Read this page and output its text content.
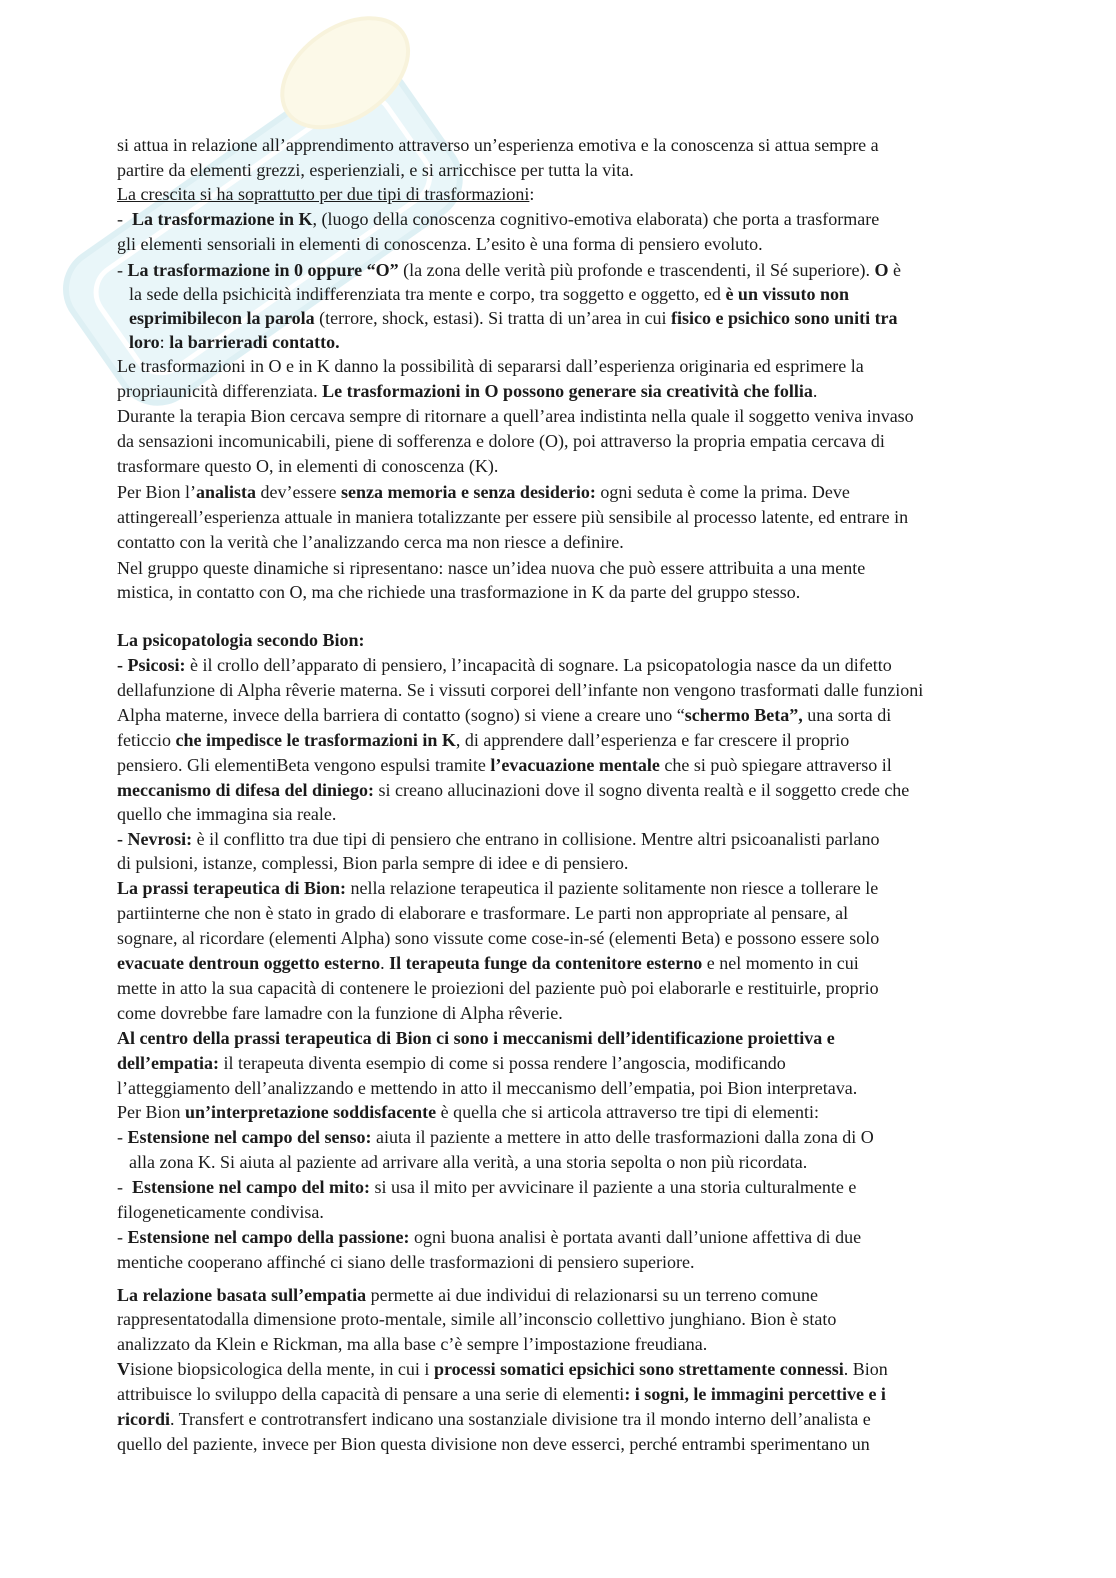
si attua in relazione all’apprendimento attraverso un’esperienza emotiva e la conoscenza si attua sempre a
partire da elementi grezzi, esperienziali, e si arricchisce per tutta la vita.
La crescita si ha soprattutto per due tipi di trasformazioni:
-  La trasformazione in K, (luogo della conoscenza cognitivo-emotiva elaborata) che porta a trasformare
gli elementi sensoriali in elementi di conoscenza. L’esito è una forma di pensiero evoluto.
- La trasformazione in 0 oppure “O” (la zona delle verità più profonde e trascendenti, il Sé superiore). O è
la sede della psichicità indifferenziata tra mente e corpo, tra soggetto e oggetto, ed è un vissuto non
esprimibilecon la parola (terrore, shock, estasi). Si tratta di un’area in cui fisico e psichico sono uniti tra
loro: la barrieradi contatto.
Le trasformazioni in O e in K danno la possibilità di separarsi dall’esperienza originaria ed esprimere la
propriaunicità differenziata. Le trasformazioni in O possono generare sia creatività che follia.
Durante la terapia Bion cercava sempre di ritornare a quell’area indistinta nella quale il soggetto veniva invaso
da sensazioni incomunicabili, piene di sofferenza e dolore (O), poi attraverso la propria empatia cercava di
trasformare questo O, in elementi di conoscenza (K).
Per Bion l’analista dev’essere senza memoria e senza desiderio: ogni seduta è come la prima. Deve
attingereall’esperienza attuale in maniera totalizzante per essere più sensibile al processo latente, ed entrare in
contatto con la verità che l’analizzando cerca ma non riesce a definire.
Nel gruppo queste dinamiche si ripresentano: nasce un’idea nuova che può essere attribuita a una mente
mistica, in contatto con O, ma che richiede una trasformazione in K da parte del gruppo stesso.
La psicopatologia secondo Bion:
- Psicosi: è il crollo dell’apparato di pensiero, l’incapacità di sognare. La psicopatologia nasce da un difetto
dellafunzione di Alpha rêverie materna. Se i vissuti corporei dell’infante non vengono trasformati dalle funzioni
Alpha materne, invece della barriera di contatto (sogno) si viene a creare uno “schermo Beta”, una sorta di
feticcio che impedisce le trasformazioni in K, di apprendere dall’esperienza e far crescere il proprio
pensiero. Gli elementiBeta vengono espulsi tramite l’evacuazione mentale che si può spiegare attraverso il
meccanismo di difesa del diniego: si creano allucinazioni dove il sogno diventa realtà e il soggetto crede che
quello che immagina sia reale.
- Nevrosi: è il conflitto tra due tipi di pensiero che entrano in collisione. Mentre altri psicoanalisti parlano
di pulsioni, istanze, complessi, Bion parla sempre di idee e di pensiero.
La prassi terapeutica di Bion: nella relazione terapeutica il paziente solitamente non riesce a tollerare le
partiinterne che non è stato in grado di elaborare e trasformare. Le parti non appropriate al pensare, al
sognare, al ricordare (elementi Alpha) sono vissute come cose-in-sé (elementi Beta) e possono essere solo
evacuate dentroun oggetto esterno. Il terapeuta funge da contenitore esterno e nel momento in cui
mette in atto la sua capacità di contenere le proiezioni del paziente può poi elaborarle e restituirle, proprio
come dovrebbe fare lamadre con la funzione di Alpha rêverie.
Al centro della prassi terapeutica di Bion ci sono i meccanismi dell’identificazione proiettiva e
dell’empatia: il terapeuta diventa esempio di come si possa rendere l’angoscia, modificando
l’atteggiamento dell’analizzando e mettendo in atto il meccanismo dell’empatia, poi Bion interpretava.
Per Bion un’interpretazione soddisfacente è quella che si articola attraverso tre tipi di elementi:
- Estensione nel campo del senso: aiuta il paziente a mettere in atto delle trasformazioni dalla zona di O
alla zona K. Si aiuta al paziente ad arrivare alla verità, a una storia sepolta o non più ricordata.
-  Estensione nel campo del mito: si usa il mito per avvicinare il paziente a una storia culturalmente e
filogeneticamente condivisa.
- Estensione nel campo della passione: ogni buona analisi è portata avanti dall’unione affettiva di due
mentiche cooperano affinché ci siano delle trasformazioni di pensiero superiore.
La relazione basata sull’empatia permette ai due individui di relazionarsi su un terreno comune
rappresentatodalla dimensione proto-mentale, simile all’inconscio collettivo junghiano. Bion è stato
analizzato da Klein e Rickman, ma alla base c’è sempre l’impostazione freudiana.
Visione biopsicologica della mente, in cui i processi somatici epsichici sono strettamente connessi. Bion
attribuisce lo sviluppo della capacità di pensare a una serie di elementi: i sogni, le immagini percettive e i
ricordi. Transfert e controtransfert indicano una sostanziale divisione tra il mondo interno dell’analista e
quello del paziente, invece per Bion questa divisione non deve esserci, perché entrambi sperimentano un
